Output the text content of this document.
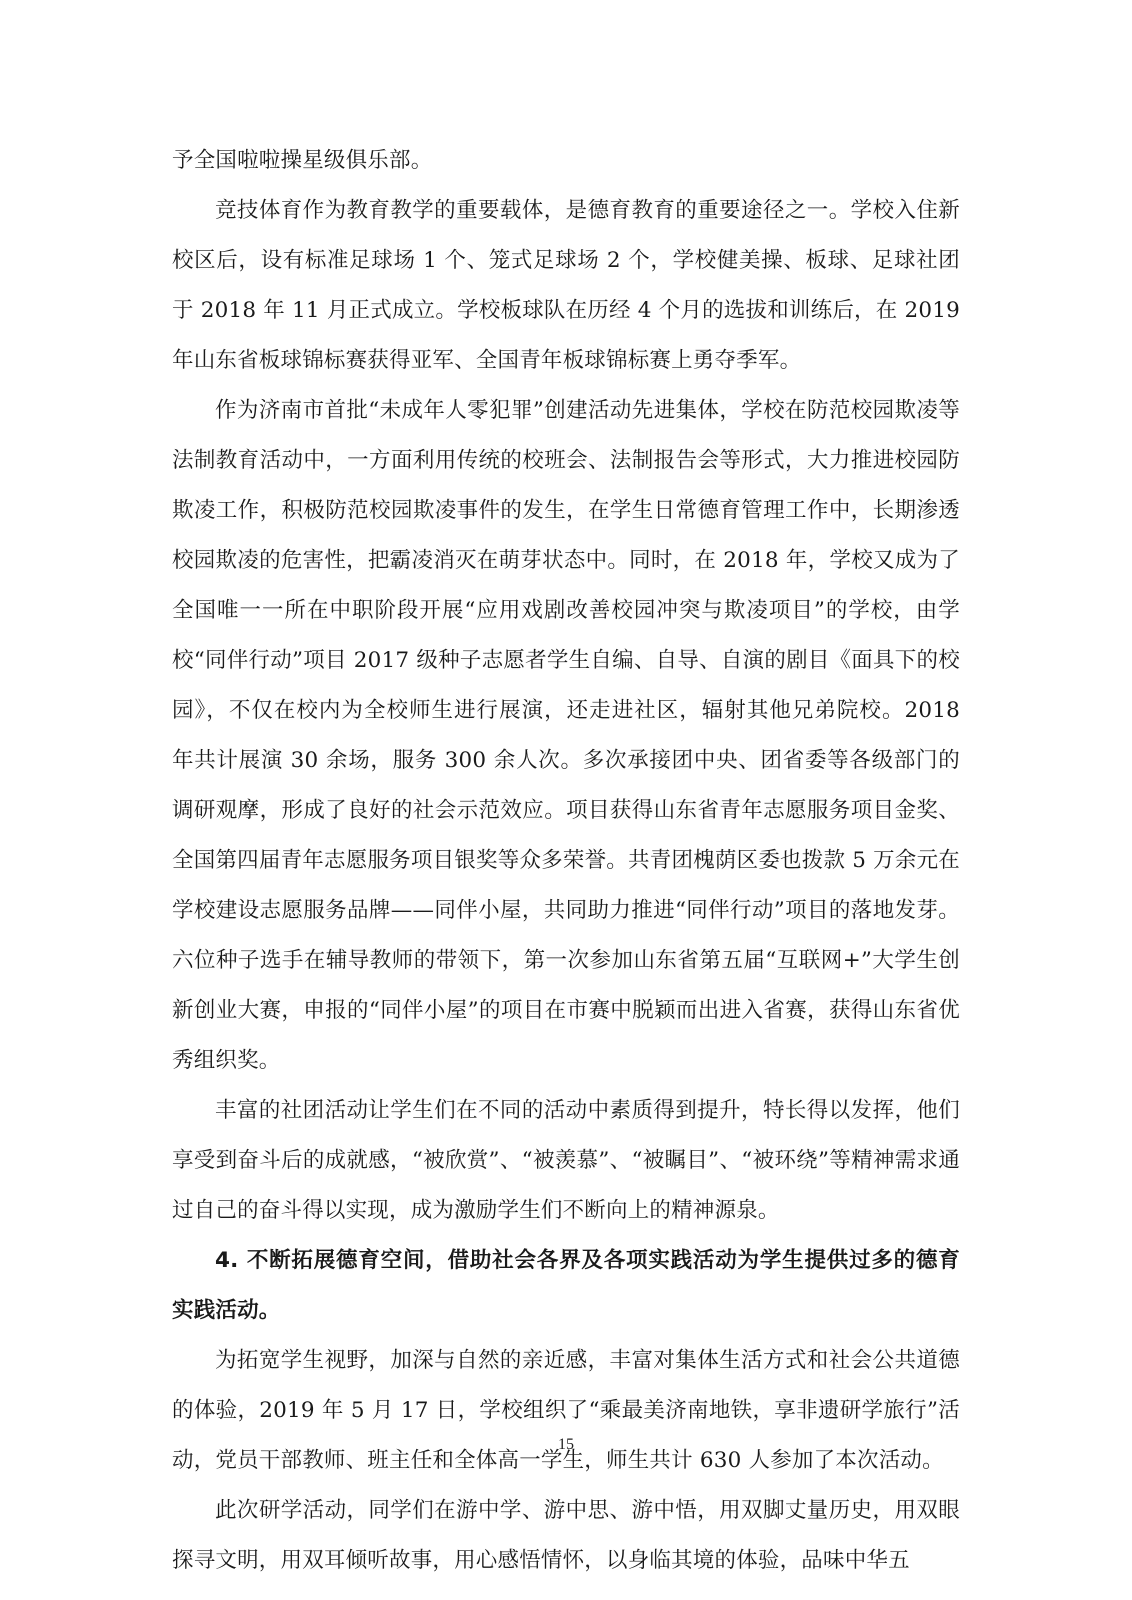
予全国啦啦操星级俱乐部。

竞技体育作为教育教学的重要载体，是德育教育的重要途径之一。学校入住新校区后，设有标准足球场 1 个、笼式足球场 2 个，学校健美操、板球、足球社团于 2018 年 11 月正式成立。学校板球队在历经 4 个月的选拔和训练后，在 2019 年山东省板球锦标赛获得亚军、全国青年板球锦标赛上勇夺季军。

作为济南市首批“未成年人零犯罪”创建活动先进集体，学校在防范校园欺凌等法制教育活动中，一方面利用传统的校班会、法制报告会等形式，大力推进校园防欺凌工作，积极防范校园欺凌事件的发生，在学生日常德育管理工作中，长期渗透校园欺凌的危害性，把霸凌消灭在萌芽状态中。同时，在 2018 年，学校又成为了全国唯一一所在中职阶段开展“应用戏剧改善校园冲突与欺凌项目”的学校，由学校“同伴行动”项目 2017 级种子志愿者学生自编、自导、自演的剧目《面具下的校园》，不仅在校内为全校师生进行展演，还走进社区，辐射其他兄弟院校。2018 年共计展演 30 余场，服务 300 余人次。多次承接团中央、团省委等各级部门的调研观摩，形成了良好的社会示范效应。项目获得山东省青年志愿服务项目金奖、全国第四届青年志愿服务项目银奖等众多荣誉。共青团槐荫区委也拨款 5 万余元在学校建设志愿服务品牌——同伴小屋，共同助力推进“同伴行动”项目的落地发芽。六位种子选手在辅导教师的带领下，第一次参加山东省第五届“互联网+”大学生创新创业大赛，申报的“同伴小屋”的项目在市赛中脱颖而出进入省赛，获得山东省优秀组织奖。

丰富的社团活动让学生们在不同的活动中素质得到提升，特长得以发挥，他们享受到奋斗后的成就感，“被欣赏”、“被羡慕”、“被瞩目”、“被环绕”等精神需求通过自己的奋斗得以实现，成为激励学生们不断向上的精神源泉。

4. 不断拓展德育空间，借助社会各界及各项实践活动为学生提供过多的德育实践活动。

为拓宽学生视野，加深与自然的亲近感，丰富对集体生活方式和社会公共道德的体验，2019 年 5 月 17 日，学校组织了“乘最美济南地铁，享非遗研学旅行”活动，党员干部教师、班主任和全体高一学生，师生共计 630 人参加了本次活动。

此次研学活动，同学们在游中学、游中思、游中悟，用双脚丈量历史，用双眼探寻文明，用双耳倾听故事，用心感悟情怀，以身临其境的体验，品味中华五

15
